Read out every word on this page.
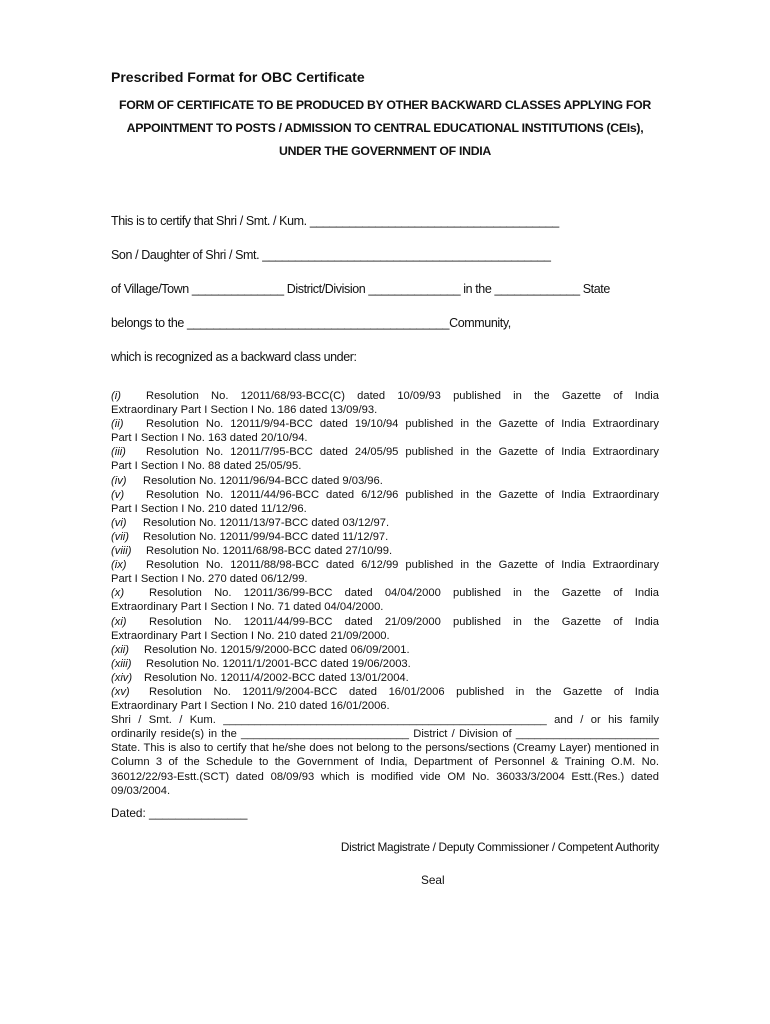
Prescribed Format for OBC Certificate
FORM OF CERTIFICATE TO BE PRODUCED BY OTHER BACKWARD CLASSES APPLYING FOR
APPOINTMENT TO POSTS / ADMISSION TO CENTRAL EDUCATIONAL INSTITUTIONS (CEIs),
UNDER THE GOVERNMENT OF INDIA
This is to certify that Shri / Smt. / Kum. ______________________________________
Son / Daughter of Shri / Smt. ____________________________________________
of Village/Town ______________ District/Division ______________ in the _____________ State
belongs to the ________________________________________Community,
which is recognized as a backward class under:

(i) Resolution No. 12011/68/93-BCC(C) dated 10/09/93 published in the Gazette of India

Extraordinary Part I Section I No. 186 dated 13/09/93.

(ii) Resolution No. 12011/9/94-BCC dated 19/10/94 published in the Gazette of India Extraordinary

Part I Section I No. 163 dated 20/10/94.

(iii) Resolution No. 12011/7/95-BCC dated 24/05/95 published in the Gazette of India Extraordinary

Part I Section I No. 88 dated 25/05/95.

(iv) Resolution No. 12011/96/94-BCC dated 9/03/96.

(v) Resolution No. 12011/44/96-BCC dated 6/12/96 published in the Gazette of India Extraordinary

Part I Section I No. 210 dated 11/12/96.

(vi) Resolution No. 12011/13/97-BCC dated 03/12/97.

(vii) Resolution No. 12011/99/94-BCC dated 11/12/97.

(viii) Resolution No. 12011/68/98-BCC dated 27/10/99.

(ix) Resolution No. 12011/88/98-BCC dated 6/12/99 published in the Gazette of India Extraordinary

Part I Section I No. 270 dated 06/12/99.

(x) Resolution No. 12011/36/99-BCC dated 04/04/2000 published in the Gazette of India

Extraordinary Part I Section I No. 71 dated 04/04/2000.

(xi) Resolution No. 12011/44/99-BCC dated 21/09/2000 published in the Gazette of India

Extraordinary Part I Section I No. 210 dated 21/09/2000.

(xii) Resolution No. 12015/9/2000-BCC dated 06/09/2001.

(xiii) Resolution No. 12011/1/2001-BCC dated 19/06/2003.

(xiv) Resolution No. 12011/4/2002-BCC dated 13/01/2004.

(xv) Resolution No. 12011/9/2004-BCC dated 16/01/2006 published in the Gazette of India

Extraordinary Part I Section I No. 210 dated 16/01/2006.

Shri / Smt. / Kum. ____________________________________________________ and / or his family ordinarily reside(s) in the ___________________________ District / Division of _______________________ State. This is also to certify that he/she does not belong to the persons/sections (Creamy Layer) mentioned in Column 3 of the Schedule to the Government of India, Department of Personnel & Training O.M. No. 36012/22/93-Estt.(SCT) dated 08/09/93 which is modified vide OM No. 36033/3/2004 Estt.(Res.) dated 09/03/2004.

Dated: _______________
District Magistrate / Deputy Commissioner / Competent Authority
Seal
